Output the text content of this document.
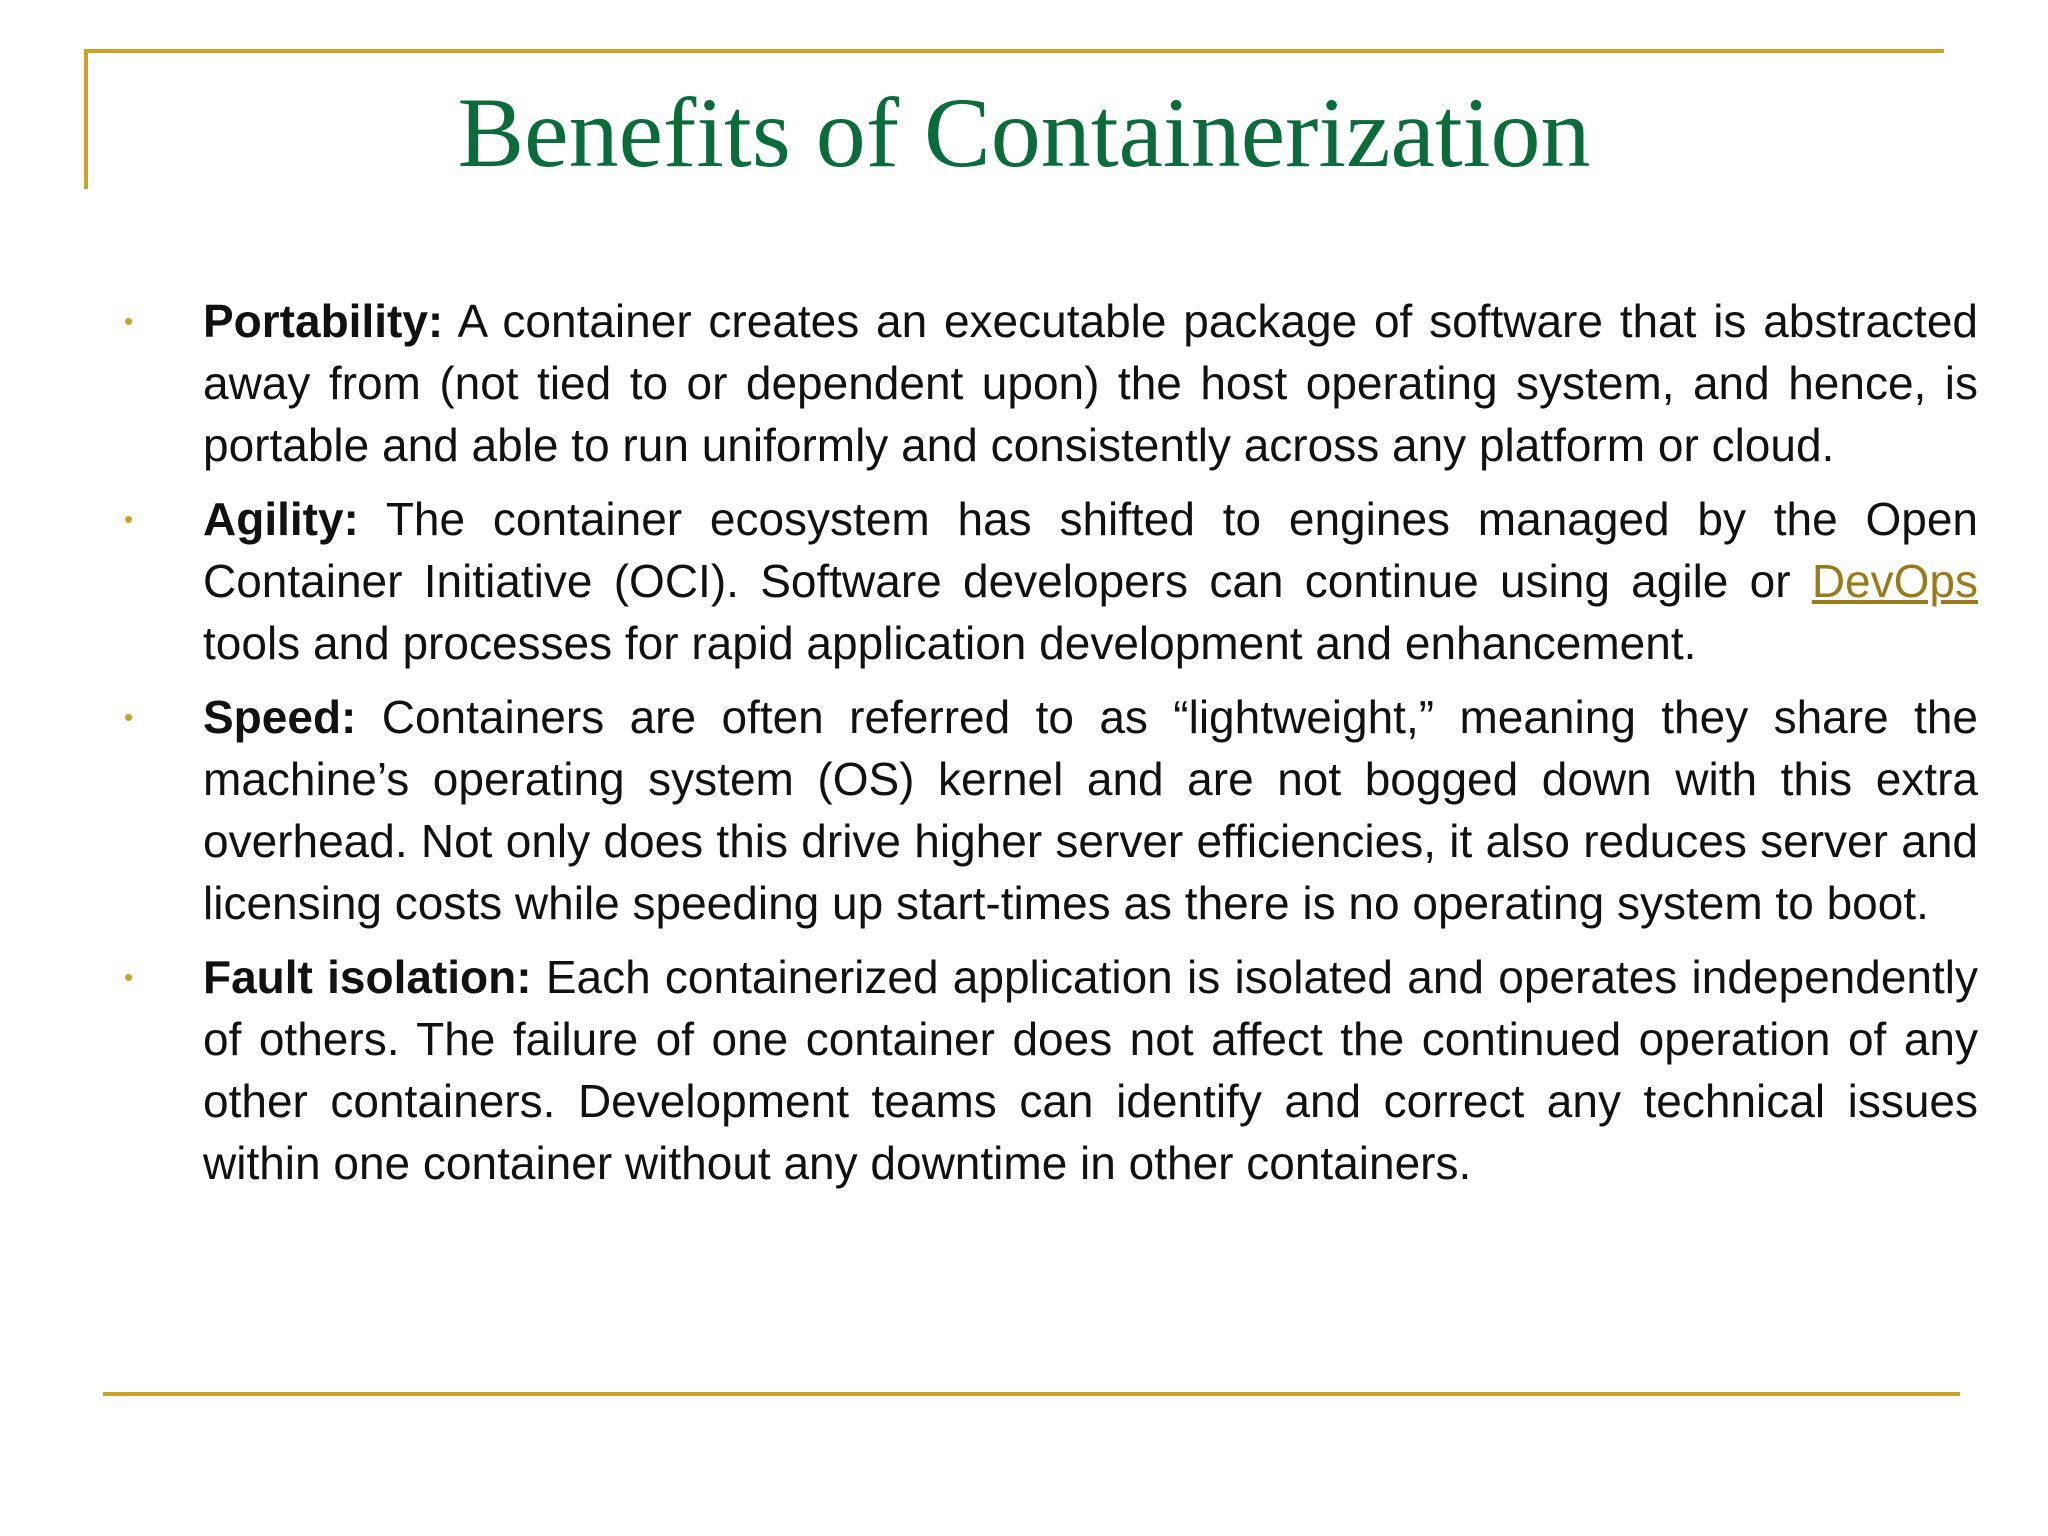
Benefits of Containerization
• Portability: A container creates an executable package of software that is abstracted away from (not tied to or dependent upon) the host operating system, and hence, is portable and able to run uniformly and consistently across any platform or cloud.
• Agility: The container ecosystem has shifted to engines managed by the Open Container Initiative (OCI). Software developers can continue using agile or DevOps tools and processes for rapid application development and enhancement.
• Speed: Containers are often referred to as “lightweight,” meaning they share the machine’s operating system (OS) kernel and are not bogged down with this extra overhead. Not only does this drive higher server efficiencies, it also reduces server and licensing costs while speeding up start-times as there is no operating system to boot.
• Fault isolation: Each containerized application is isolated and operates independently of others. The failure of one container does not affect the continued operation of any other containers. Development teams can identify and correct any technical issues within one container without any downtime in other containers.
